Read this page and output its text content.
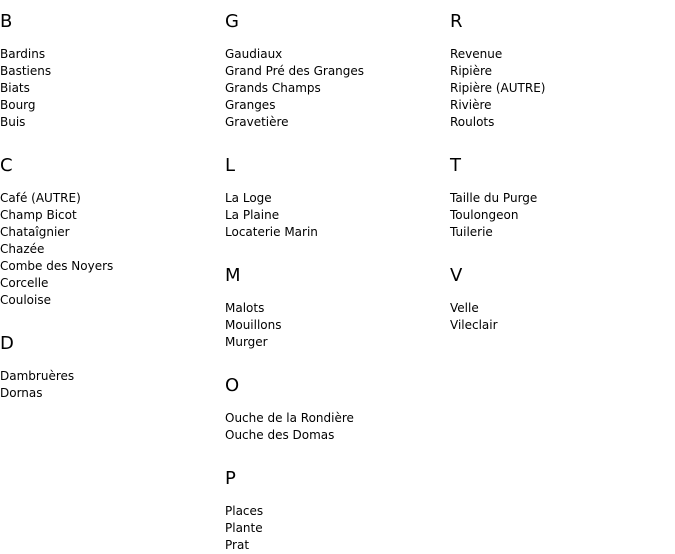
B
Bardins
Bastiens
Biats
Bourg
Buis
C
Café (AUTRE)
Champ Bicot
Chataîgnier
Chazée
Combe des Noyers
Corcelle
Couloise
D
Dambruères
Dornas
G
Gaudiaux
Grand Pré des Granges
Grands Champs
Granges
Gravetière
L
La Loge
La Plaine
Locaterie Marin
M
Malots
Mouillons
Murger
O
Ouche de la Rondière
Ouche des Domas
P
Places
Plante
Prat
R
Revenue
Ripière
Ripière (AUTRE)
Rivière
Roulots
T
Taille du Purge
Toulongeon
Tuilerie
V
Velle
Vileclair
